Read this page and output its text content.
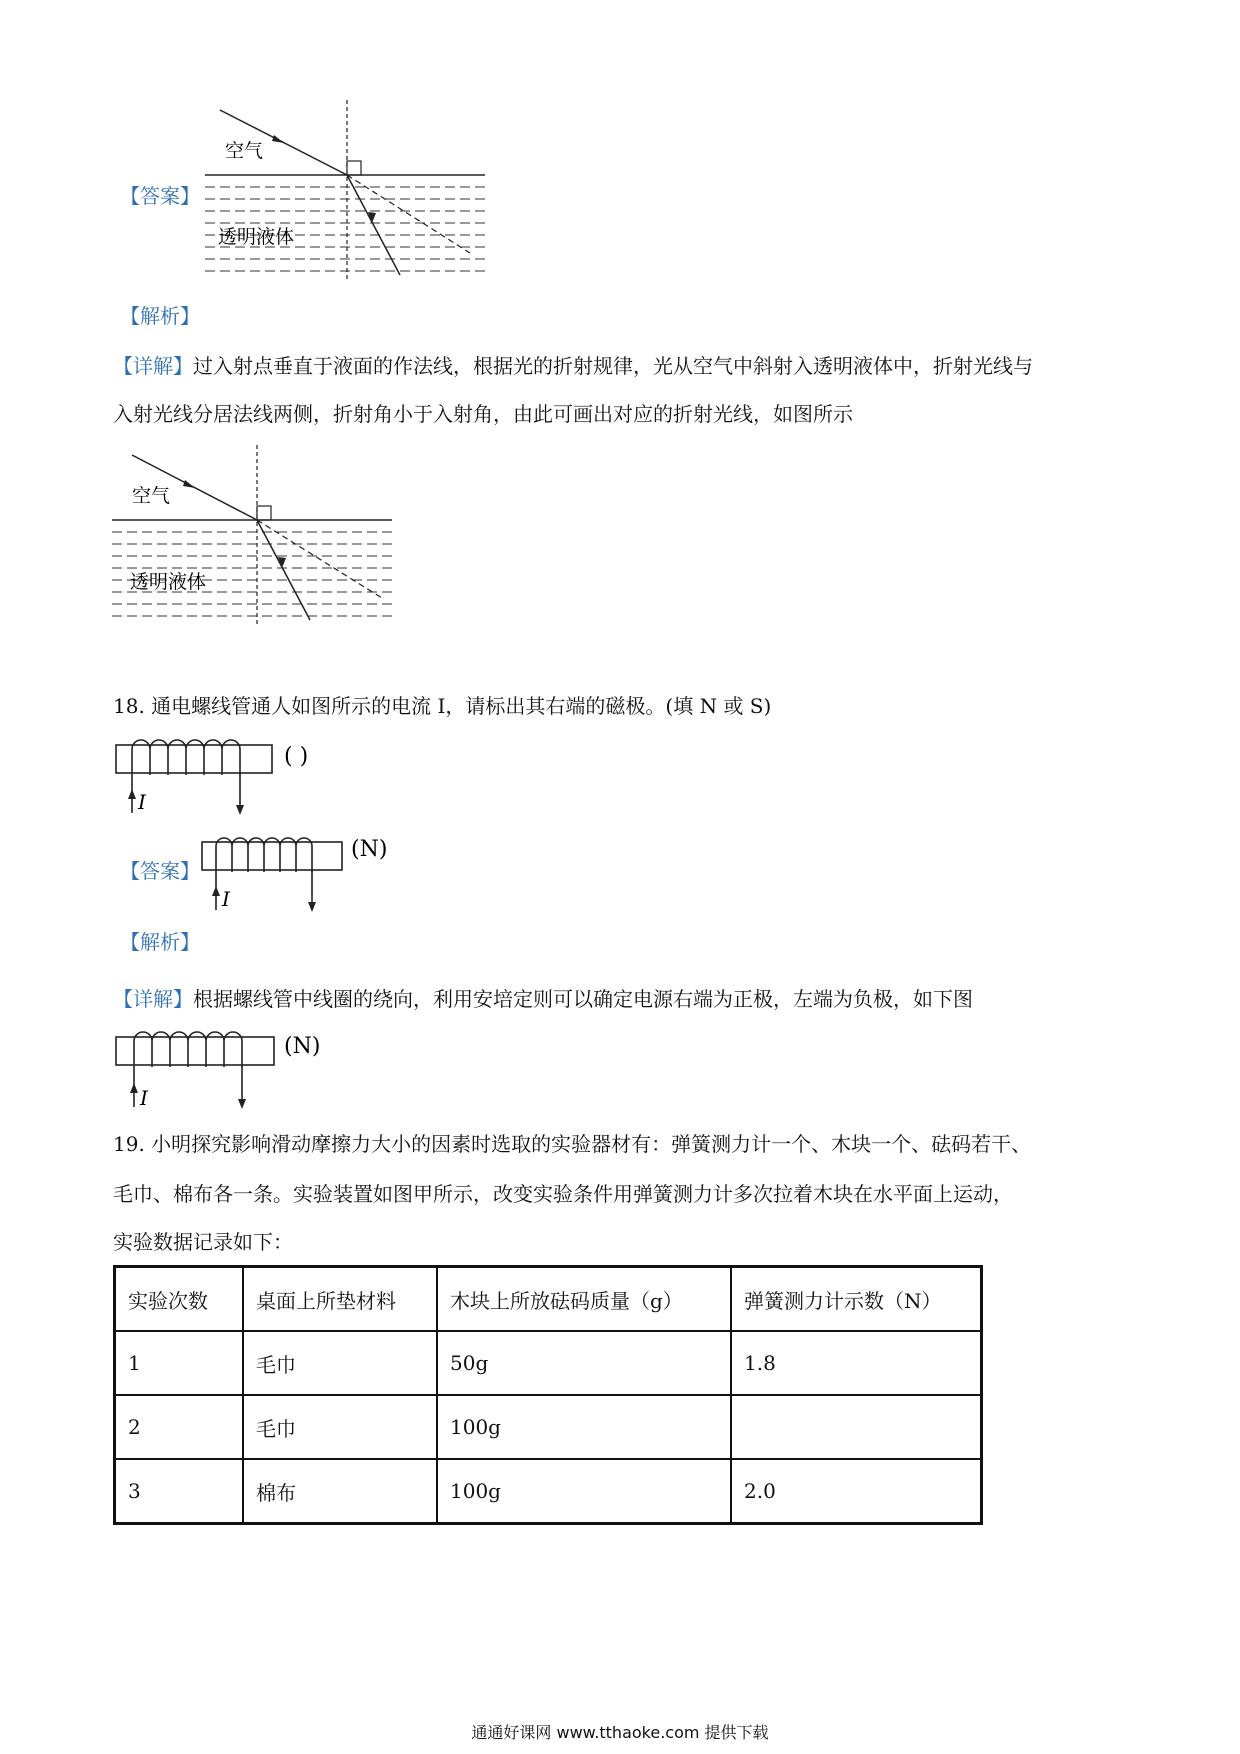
【答案】
空气
透明液体
【解析】
【详解】过入射点垂直于液面的作法线，根据光的折射规律，光从空气中斜射入透明液体中，折射光线与
入射光线分居法线两侧，折射角小于入射角，由此可画出对应的折射光线，如图所示
空气
透明液体
18. 通电螺线管通人如图所示的电流 I，请标出其右端的磁极。(填 N 或 S)
I
( )
【答案】
I
(N)
【解析】
【详解】根据螺线管中线圈的绕向，利用安培定则可以确定电源右端为正极，左端为负极，如下图
I
(N)
19. 小明探究影响滑动摩擦力大小的因素时选取的实验器材有：弹簧测力计一个、木块一个、砝码若干、
毛巾、棉布各一条。实验装置如图甲所示，改变实验条件用弹簧测力计多次拉着木块在水平面上运动，
实验数据记录如下：
实验次数	桌面上所垫材料	木块上所放砝码质量（g）	弹簧测力计示数（N）
1	毛巾	50g	1.8
2	毛巾	100g	
3	棉布	100g	2.0
通通好课网 www.tthaoke.com 提供下载
